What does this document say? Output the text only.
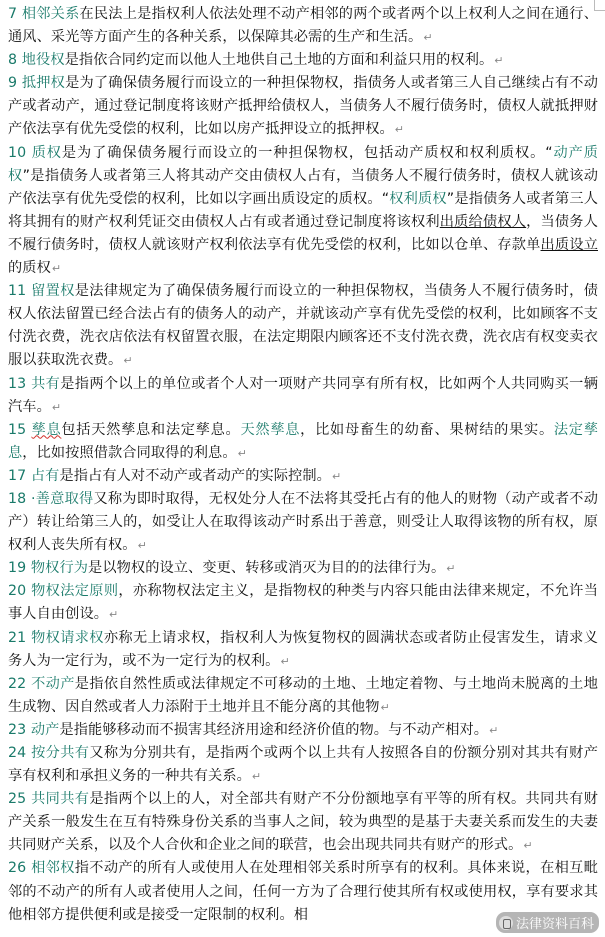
7 相邻关系在民法上是指权利人依法处理不动产相邻的两个或者两个以上权利人之间在通行、通风、采光等方面产生的各种关系，以保障其必需的生产和生活。↵

8 地役权是指依合同约定而以他人土地供自己土地的方面和利益只用的权利。↵

9 抵押权是为了确保债务履行而设立的一种担保物权，指债务人或者第三人自己继续占有不动产或者动产，通过登记制度将该财产抵押给债权人，当债务人不履行债务时，债权人就抵押财产依法享有优先受偿的权利，比如以房产抵押设立的抵押权。↵

10 质权是为了确保债务履行而设立的一种担保物权，包括动产质权和权利质权。“动产质权”是指债务人或者第三人将其动产交由债权人占有，当债务人不履行债务时，债权人就该动产依法享有优先受偿的权利，比如以字画出质设定的质权。“权利质权”是指债务人或者第三人将其拥有的财产权利凭证交由债权人占有或者通过登记制度将该权利出质给债权人，当债务人不履行债务时，债权人就该财产权利依法享有优先受偿的权利，比如以仓单、存款单出质设立的质权↵

11 留置权是法律规定为了确保债务履行而设立的一种担保物权，当债务人不履行债务时，债权人依法留置已经合法占有的债务人的动产，并就该动产享有优先受偿的权利，比如顾客不支付洗衣费，洗衣店依法有权留置衣服，在法定期限内顾客还不支付洗衣费，洗衣店有权变卖衣服以获取洗衣费。↵

13 共有是指两个以上的单位或者个人对一项财产共同享有所有权，比如两个人共同购买一辆汽车。↵

15 孳息包括天然孳息和法定孳息。天然孳息，比如母畜生的幼畜、果树结的果实。法定孳息，比如按照借款合同取得的利息。↵

17 占有是指占有人对不动产或者动产的实际控制。↵

18 ·善意取得又称为即时取得，无权处分人在不法将其受托占有的他人的财物（动产或者不动产）转让给第三人的，如受让人在取得该动产时系出于善意，则受让人取得该物的所有权，原权利人丧失所有权。↵

19 物权行为是以物权的设立、变更、转移或消灭为目的的法律行为。↵

20 物权法定原则，亦称物权法定主义，是指物权的种类与内容只能由法律来规定，不允许当事人自由创设。↵

21 物权请求权亦称无上请求权，指权利人为恢复物权的圆满状态或者防止侵害发生，请求义务人为一定行为，或不为一定行为的权利。↵

22 不动产是指依自然性质或法律规定不可移动的土地、土地定着物、与土地尚未脱离的土地生成物、因自然或者人力添附于土地并且不能分离的其他物↵

23 动产是指能够移动而不损害其经济用途和经济价值的物。与不动产相对。↵

24 按分共有又称为分别共有，是指两个或两个以上共有人按照各自的份额分别对其共有财产享有权利和承担义务的一种共有关系。↵

25 共同共有是指两个以上的人，对全部共有财产不分份额地享有平等的所有权。共同共有财产关系一般发生在互有特殊身份关系的当事人之间，较为典型的是基于夫妻关系而发生的夫妻共同财产关系，以及个人合伙和企业之间的联营，也会出现共同共有财产的形式。↵

26 相邻权指不动产的所有人或使用人在处理相邻关系时所享有的权利。具体来说，在相互毗邻的不动产的所有人或者使用人之间，任何一方为了合理行使其所有权或使用权，享有要求其他相邻方提供便利或是接受一定限制的权利。相

法律资料百科
